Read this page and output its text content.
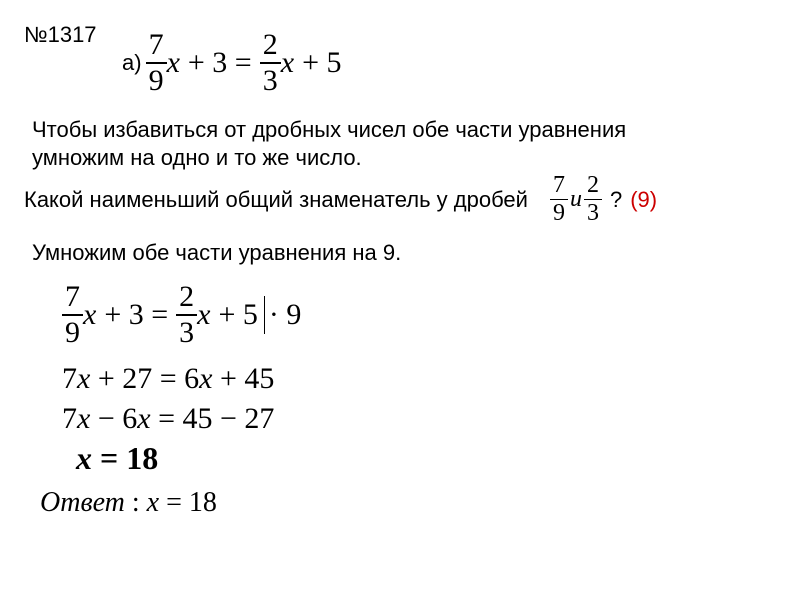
№1317
$а) \frac{7}{9}$ $x + 3 = \frac{2}{3}$ x + 5
Чтобы избавиться от дробных чисел обе части уравнения
умножим на одно и то же число.
Какой наименьший общий знаменатель у дробей $\frac{7}{9}$ и $\frac{2}{3}$ ? (9)
Умножим обе части уравнения на 9.
$\frac{7}{9}$ $x + 3 = \frac{2}{3}$ x + 5 · 9
7x + 27 = 6x + 45
7x − 6x = 45 − 27
x = 18
Ответ : x = 18
